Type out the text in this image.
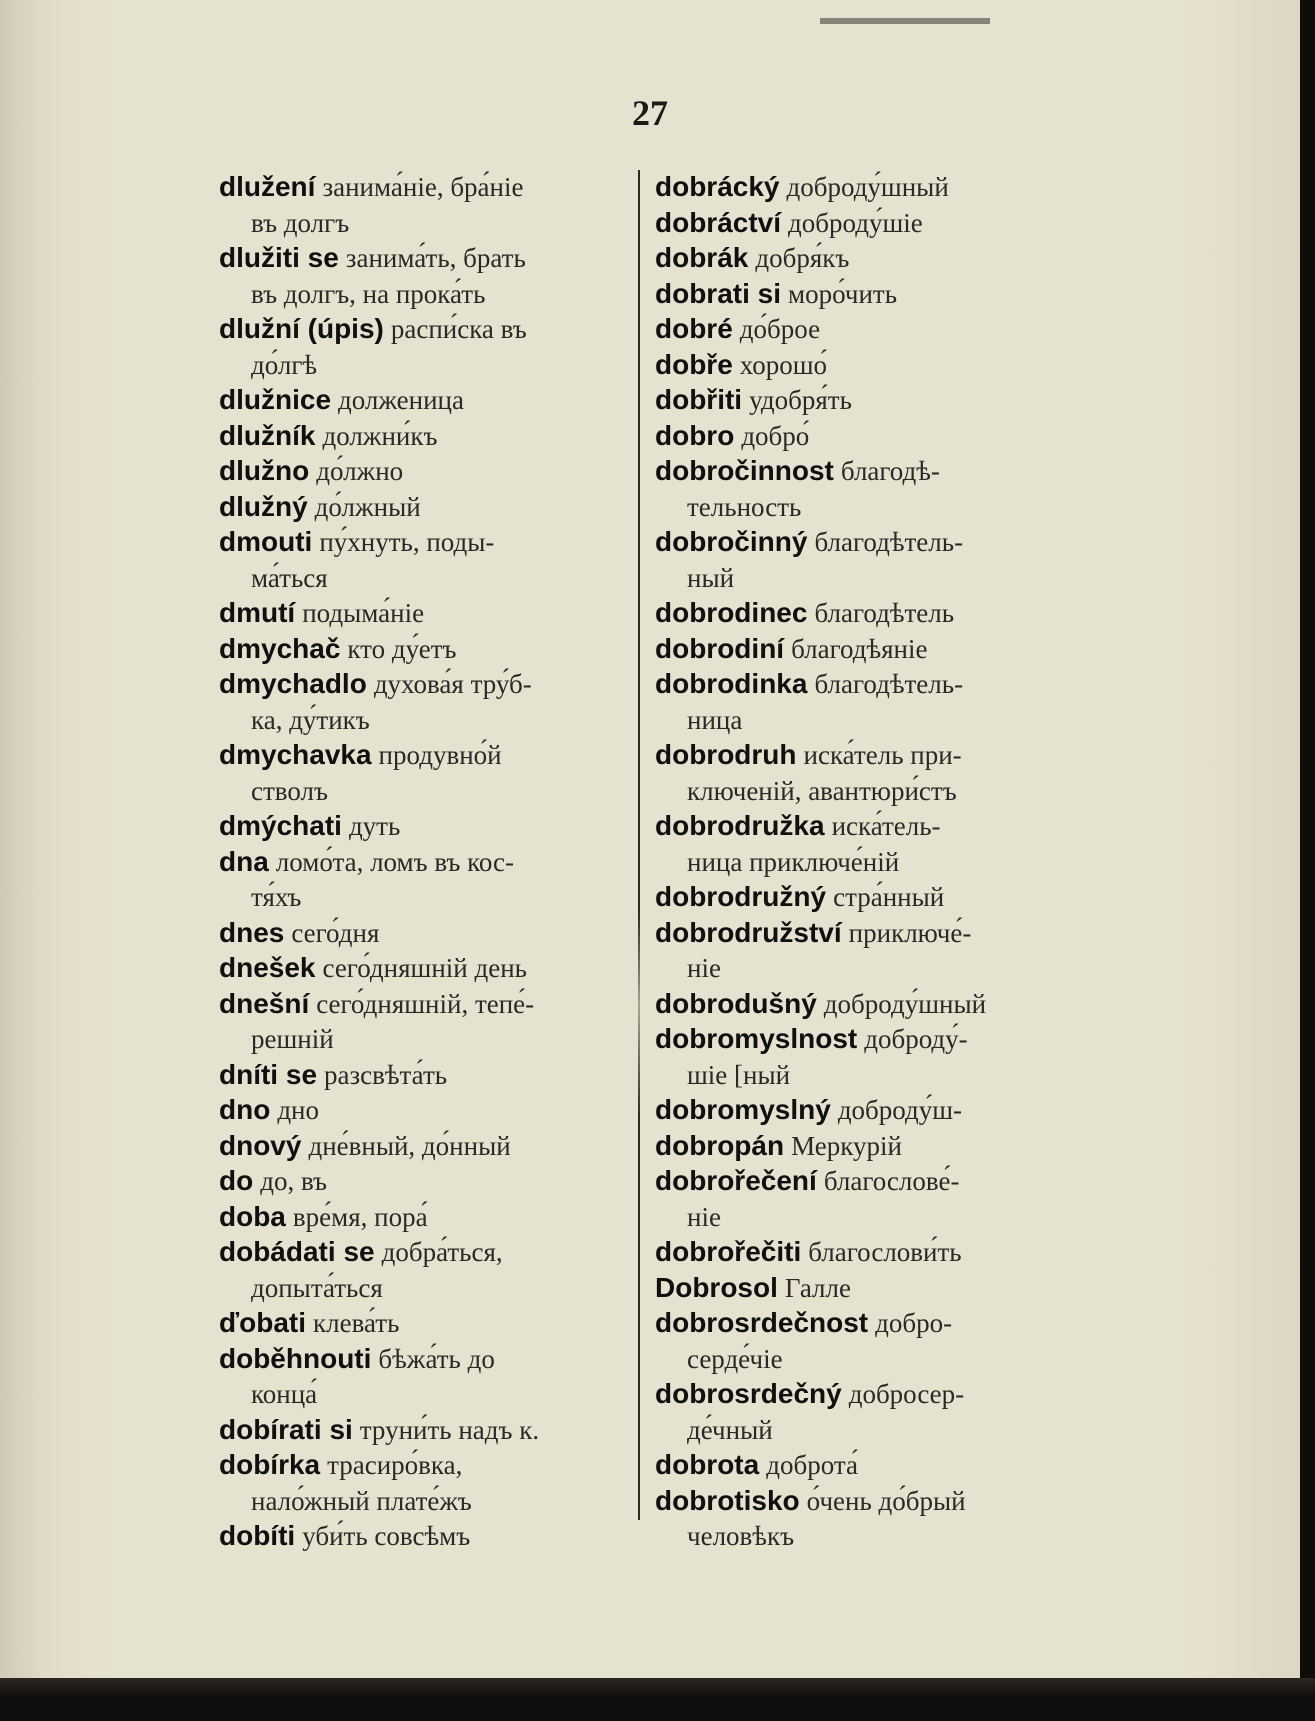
27
dlužení занима́ніе, бра́ніе
въ долгъ
dlužiti se занима́ть, брать
въ долгъ, на прока́ть
dlužní (úpis) распи́ска въ
до́лгѣ
dlužnice долженица
dlužník должни́къ
dlužno до́лжно
dlužný до́лжный
dmouti пу́хнуть, поды-
ма́ться
dmutí подыма́ніе
dmychač кто ду́етъ
dmychadlo духова́я тру́б-
ка, ду́тикъ
dmychavka продувно́й
стволъ
dmýchati дуть
dna ломо́та, ломъ въ кос-
тя́хъ
dnes сего́дня
dnešek сего́дняшній день
dnešní сего́дняшній, тепе́-
решній
dníti se разсвѣта́ть
dno дно
dnový дне́вный, до́нный
do до, въ
doba вре́мя, пора́
dobádati se добра́ться,
допыта́ться
ďobati клева́ть
doběhnouti бѣжа́ть до
конца́
dobírati si труни́ть надъ к.
dobírka трасиро́вка,
нало́жный плате́жъ
dobíti уби́ть совсѣмъ
dobrácký доброду́шный
dobráctví доброду́шіе
dobrák добря́къ
dobrati si моро́чить
dobré до́брое
dobře хорошо́
dobřiti удобря́ть
dobro добро́
dobročinnost благодѣ-
тельность
dobročinný благодѣтель-
ный
dobrodinec благодѣтель
dobrodiní благодѣяніе
dobrodinka благодѣтель-
ница
dobrodruh иска́тель при-
ключеній, авантюри́стъ
dobrodružka иска́тель-
ница приключе́ній
dobrodružný стра́нный
dobrodružství приключе́-
ніе
dobrodušný доброду́шный
dobromyslnost доброду́-
шіе [ный
dobromyslný доброду́ш-
dobropán Меркурій
dobrořečení благослове́-
ніе
dobrořečiti благослови́ть
Dobrosol Галле
dobrosrdečnost добро-
серде́чіе
dobrosrdečný добросер-
де́чный
dobrota доброта́
dobrotisko о́чень до́брый
человѣкъ
